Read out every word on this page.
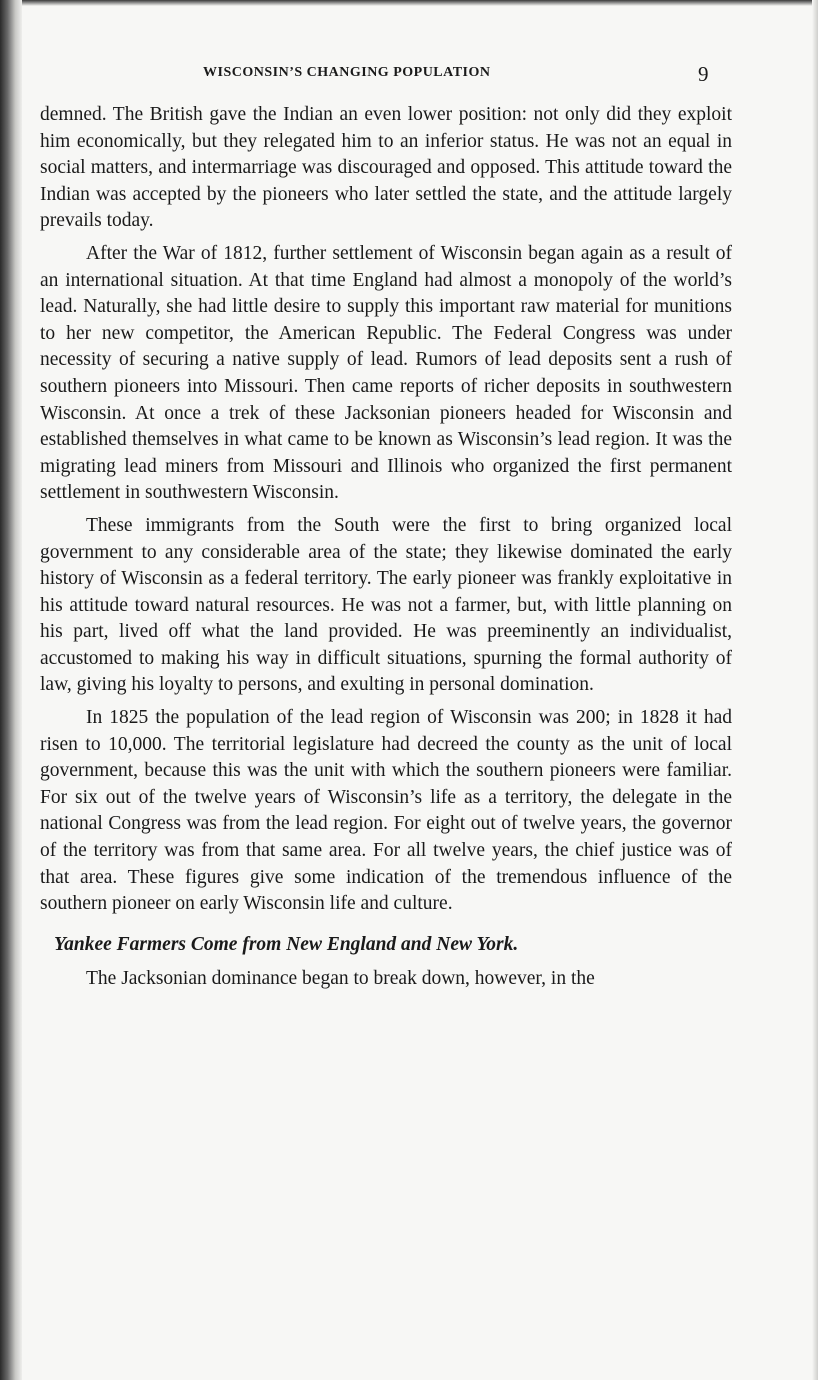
WISCONSIN’S CHANGING POPULATION	9

demned. The British gave the Indian an even lower position: not only did they exploit him economically, but they relegated him to an inferior status. He was not an equal in social matters, and intermarriage was discouraged and opposed. This attitude toward the Indian was accepted by the pioneers who later settled the state, and the attitude largely prevails today.

After the War of 1812, further settlement of Wisconsin began again as a result of an international situation. At that time England had almost a monopoly of the world’s lead. Naturally, she had little desire to supply this important raw material for munitions to her new competitor, the American Republic. The Federal Congress was under necessity of securing a native supply of lead. Rumors of lead deposits sent a rush of southern pioneers into Missouri. Then came reports of richer deposits in southwestern Wisconsin. At once a trek of these Jacksonian pioneers headed for Wisconsin and established themselves in what came to be known as Wisconsin’s lead region. It was the migrating lead miners from Missouri and Illinois who organized the first permanent settlement in southwestern Wisconsin.

These immigrants from the South were the first to bring organized local government to any considerable area of the state; they likewise dominated the early history of Wisconsin as a federal territory. The early pioneer was frankly exploitative in his attitude toward natural resources. He was not a farmer, but, with little planning on his part, lived off what the land provided. He was preeminently an individualist, accustomed to making his way in difficult situations, spurning the formal authority of law, giving his loyalty to persons, and exulting in personal domination.

In 1825 the population of the lead region of Wisconsin was 200; in 1828 it had risen to 10,000. The territorial legislature had decreed the county as the unit of local government, because this was the unit with which the southern pioneers were familiar. For six out of the twelve years of Wisconsin’s life as a territory, the delegate in the national Congress was from the lead region. For eight out of twelve years, the governor of the territory was from that same area. For all twelve years, the chief justice was of that area. These figures give some indication of the tremendous influence of the southern pioneer on early Wisconsin life and culture.

Yankee Farmers Come from New England and New York.

The Jacksonian dominance began to break down, however, in the
